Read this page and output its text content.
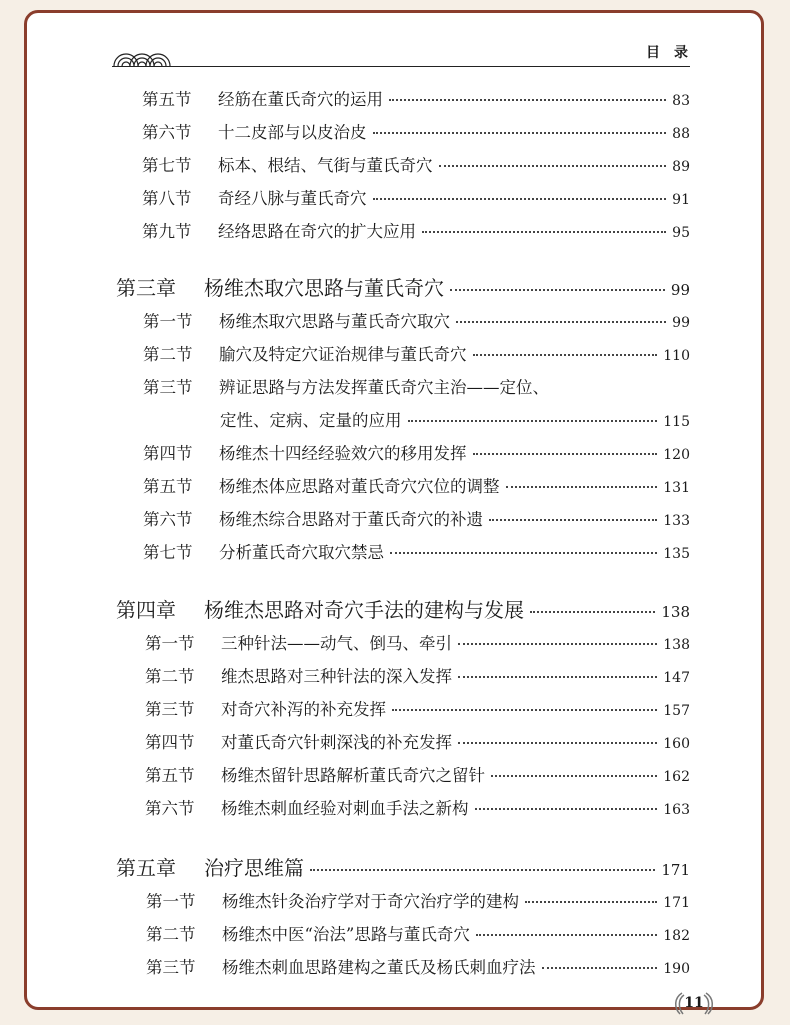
目　录
第五节	经筋在董氏奇穴的运用	83
第六节	十二皮部与以皮治皮	88
第七节	标本、根结、气街与董氏奇穴	89
第八节	奇经八脉与董氏奇穴	91
第九节	经络思路在奇穴的扩大应用	95
第三章	杨维杰取穴思路与董氏奇穴	99
第一节	杨维杰取穴思路与董氏奇穴取穴	99
第二节	腧穴及特定穴证治规律与董氏奇穴	110
第三节	辨证思路与方法发挥董氏奇穴主治——定位、
定性、定病、定量的应用	115
第四节	杨维杰十四经经验效穴的移用发挥	120
第五节	杨维杰体应思路对董氏奇穴穴位的调整	131
第六节	杨维杰综合思路对于董氏奇穴的补遗	133
第七节	分析董氏奇穴取穴禁忌	135
第四章	杨维杰思路对奇穴手法的建构与发展	138
第一节	三种针法——动气、倒马、牵引	138
第二节	维杰思路对三种针法的深入发挥	147
第三节	对奇穴补泻的补充发挥	157
第四节	对董氏奇穴针刺深浅的补充发挥	160
第五节	杨维杰留针思路解析董氏奇穴之留针	162
第六节	杨维杰刺血经验对刺血手法之新构	163
第五章	治疗思维篇	171
第一节	杨维杰针灸治疗学对于奇穴治疗学的建构	171
第二节	杨维杰中医“治法”思路与董氏奇穴	182
第三节	杨维杰刺血思路建构之董氏及杨氏刺血疗法	190
11
